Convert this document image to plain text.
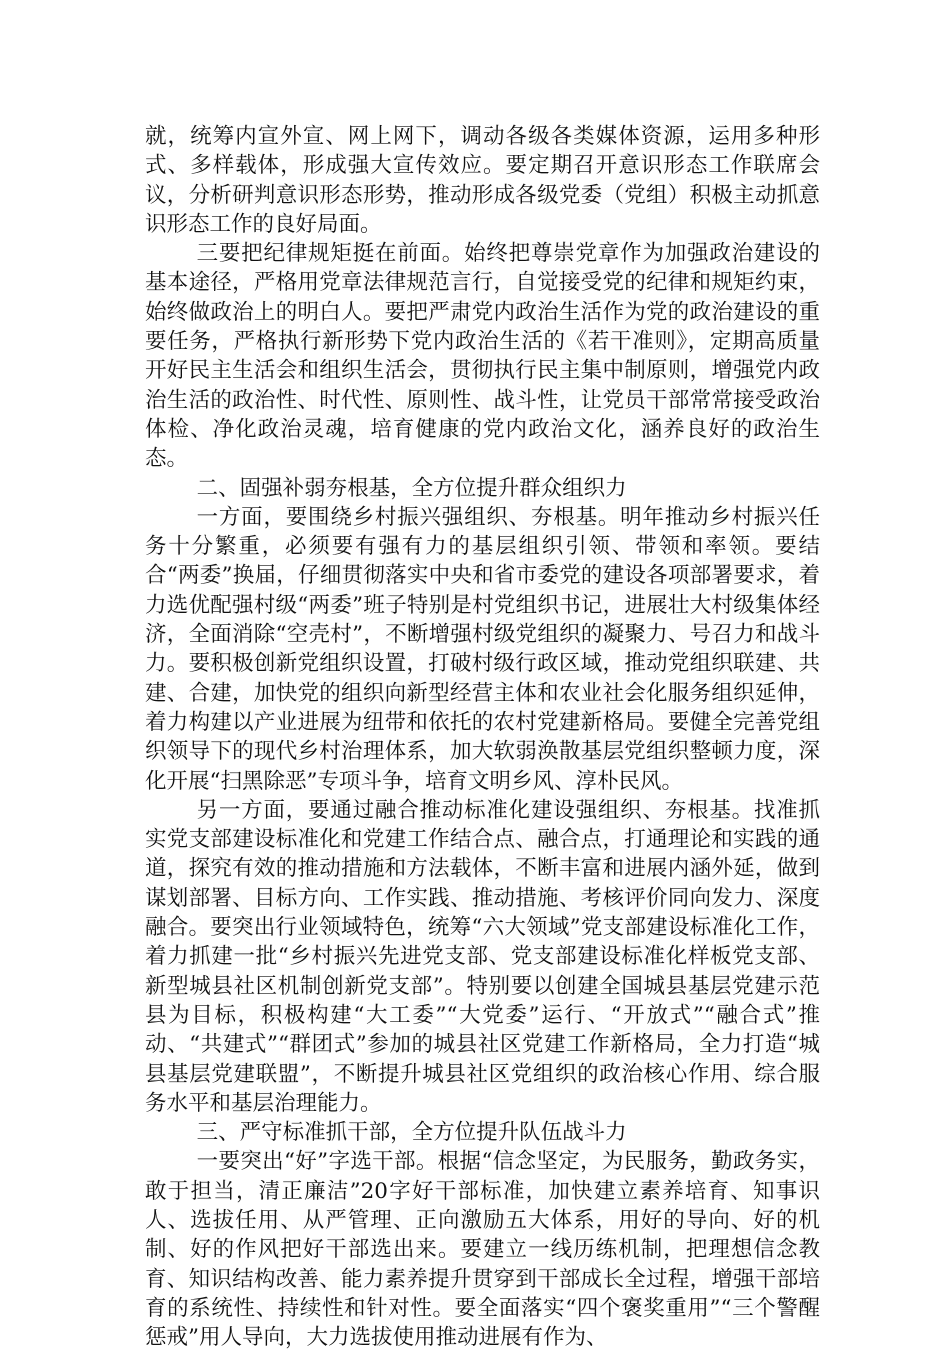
就，统筹内宣外宣、网上网下，调动各级各类媒体资源，运用多种形式、多样载体，形成强大宣传效应。要定期召开意识形态工作联席会议，分析研判意识形态形势，推动形成各级党委（党组）积极主动抓意识形态工作的良好局面。

三要把纪律规矩挺在前面。始终把尊崇党章作为加强政治建设的基本途径，严格用党章法律规范言行，自觉接受党的纪律和规矩约束，始终做政治上的明白人。要把严肃党内政治生活作为党的政治建设的重要任务，严格执行新形势下党内政治生活的《若干准则》，定期高质量开好民主生活会和组织生活会，贯彻执行民主集中制原则，增强党内政治生活的政治性、时代性、原则性、战斗性，让党员干部常常接受政治体检、净化政治灵魂，培育健康的党内政治文化，涵养良好的政治生态。

二、固强补弱夯根基，全方位提升群众组织力

一方面，要围绕乡村振兴强组织、夯根基。明年推动乡村振兴任务十分繁重，必须要有强有力的基层组织引领、带领和率领。要结合“两委”换届，仔细贯彻落实中央和省市委党的建设各项部署要求，着力选优配强村级“两委”班子特别是村党组织书记，进展壮大村级集体经济，全面消除“空壳村”，不断增强村级党组织的凝聚力、号召力和战斗力。要积极创新党组织设置，打破村级行政区域，推动党组织联建、共建、合建，加快党的组织向新型经营主体和农业社会化服务组织延伸，着力构建以产业进展为纽带和依托的农村党建新格局。要健全完善党组织领导下的现代乡村治理体系，加大软弱涣散基层党组织整顿力度，深化开展“扫黑除恶”专项斗争，培育文明乡风、淳朴民风。

另一方面，要通过融合推动标准化建设强组织、夯根基。找准抓实党支部建设标准化和党建工作结合点、融合点，打通理论和实践的通道，探究有效的推动措施和方法载体，不断丰富和进展内涵外延，做到谋划部署、目标方向、工作实践、推动措施、考核评价同向发力、深度融合。要突出行业领域特色，统筹“六大领域”党支部建设标准化工作，着力抓建一批“乡村振兴先进党支部、党支部建设标准化样板党支部、新型城县社区机制创新党支部”。特别要以创建全国城县基层党建示范县为目标，积极构建“大工委”“大党委”运行、“开放式”“融合式”推动、“共建式”“群团式”参加的城县社区党建工作新格局，全力打造“城县基层党建联盟”，不断提升城县社区党组织的政治核心作用、综合服务水平和基层治理能力。

三、严守标准抓干部，全方位提升队伍战斗力

一要突出“好”字选干部。根据“信念坚定，为民服务，勤政务实，敢于担当，清正廉洁”20字好干部标准，加快建立素养培育、知事识人、选拔任用、从严管理、正向激励五大体系，用好的导向、好的机制、好的作风把好干部选出来。要建立一线历练机制，把理想信念教育、知识结构改善、能力素养提升贯穿到干部成长全过程，增强干部培育的系统性、持续性和针对性。要全面落实“四个褒奖重用”“三个警醒惩戒”用人导向，大力选拔使用推动进展有作为、
